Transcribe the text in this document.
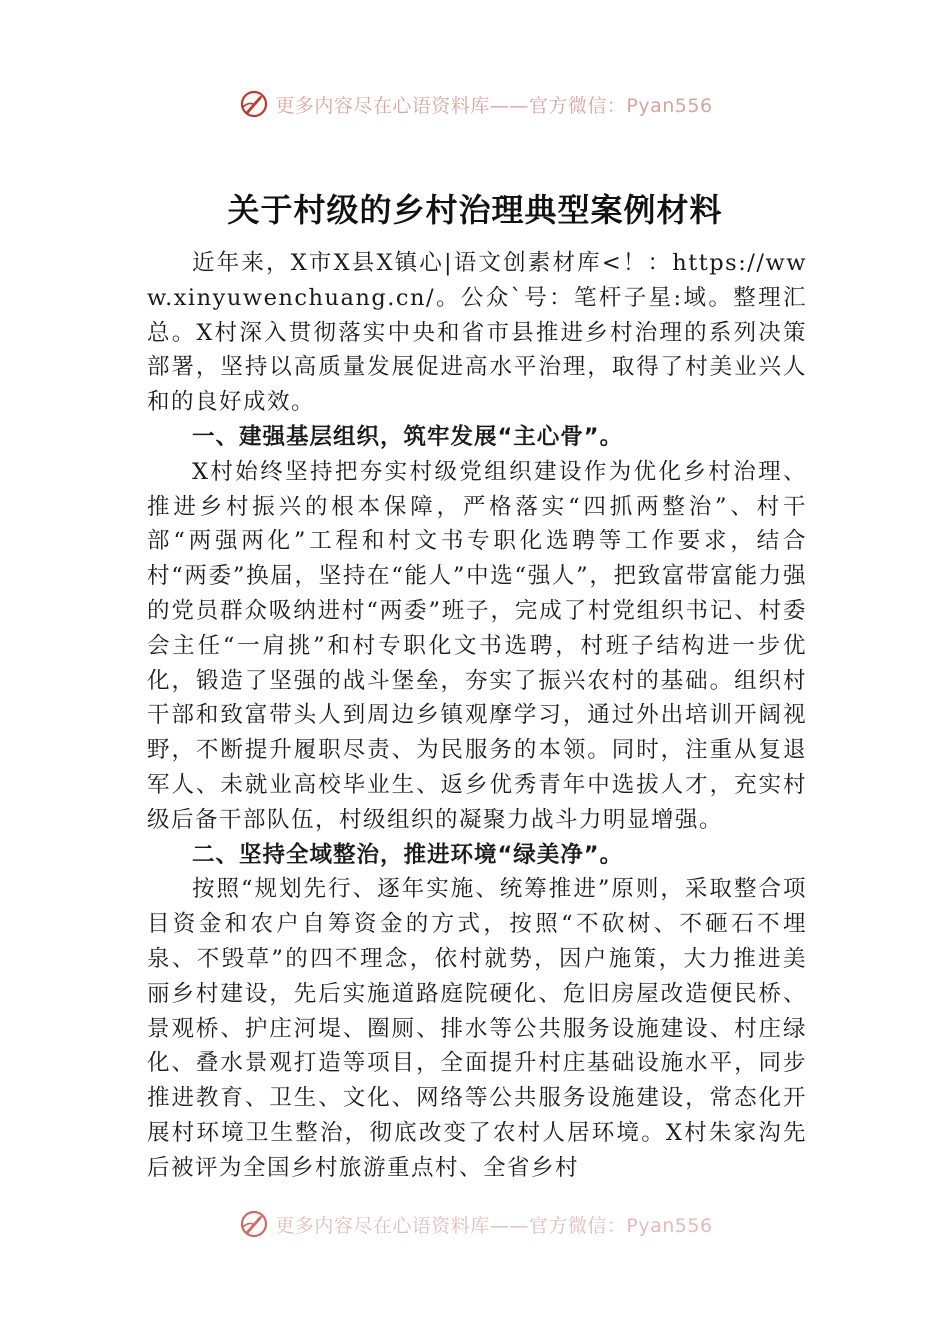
更多内容尽在心语资料库——官方微信：Pyan556
关于村级的乡村治理典型案例材料

近年来，X市X县X镇心|语文创素材库<！：https://www.xinyuwenchuang.cn/。公众`号：笔杆子星:域。整理汇总。X村深入贯彻落实中央和省市县推进乡村治理的系列决策部署，坚持以高质量发展促进高水平治理，取得了村美业兴人和的良好成效。

一、建强基层组织，筑牢发展“主心骨”。

X村始终坚持把夯实村级党组织建设作为优化乡村治理、推进乡村振兴的根本保障，严格落实“四抓两整治”、村干部“两强两化”工程和村文书专职化选聘等工作要求，结合村“两委”换届，坚持在“能人”中选“强人”，把致富带富能力强的党员群众吸纳进村“两委”班子，完成了村党组织书记、村委会主任“一肩挑”和村专职化文书选聘，村班子结构进一步优化，锻造了坚强的战斗堡垒，夯实了振兴农村的基础。组织村干部和致富带头人到周边乡镇观摩学习，通过外出培训开阔视野，不断提升履职尽责、为民服务的本领。同时，注重从复退军人、未就业高校毕业生、返乡优秀青年中选拔人才，充实村级后备干部队伍，村级组织的凝聚力战斗力明显增强。

二、坚持全域整治，推进环境“绿美净”。

按照“规划先行、逐年实施、统筹推进”原则，采取整合项目资金和农户自筹资金的方式，按照“不砍树、不砸石不埋泉、不毁草”的四不理念，依村就势，因户施策，大力推进美丽乡村建设，先后实施道路庭院硬化、危旧房屋改造便民桥、景观桥、护庄河堤、圈厕、排水等公共服务设施建设、村庄绿化、叠水景观打造等项目，全面提升村庄基础设施水平，同步推进教育、卫生、文化、网络等公共服务设施建设，常态化开展村环境卫生整治，彻底改变了农村人居环境。X村朱家沟先后被评为全国乡村旅游重点村、全省乡村

更多内容尽在心语资料库——官方微信：Pyan556
